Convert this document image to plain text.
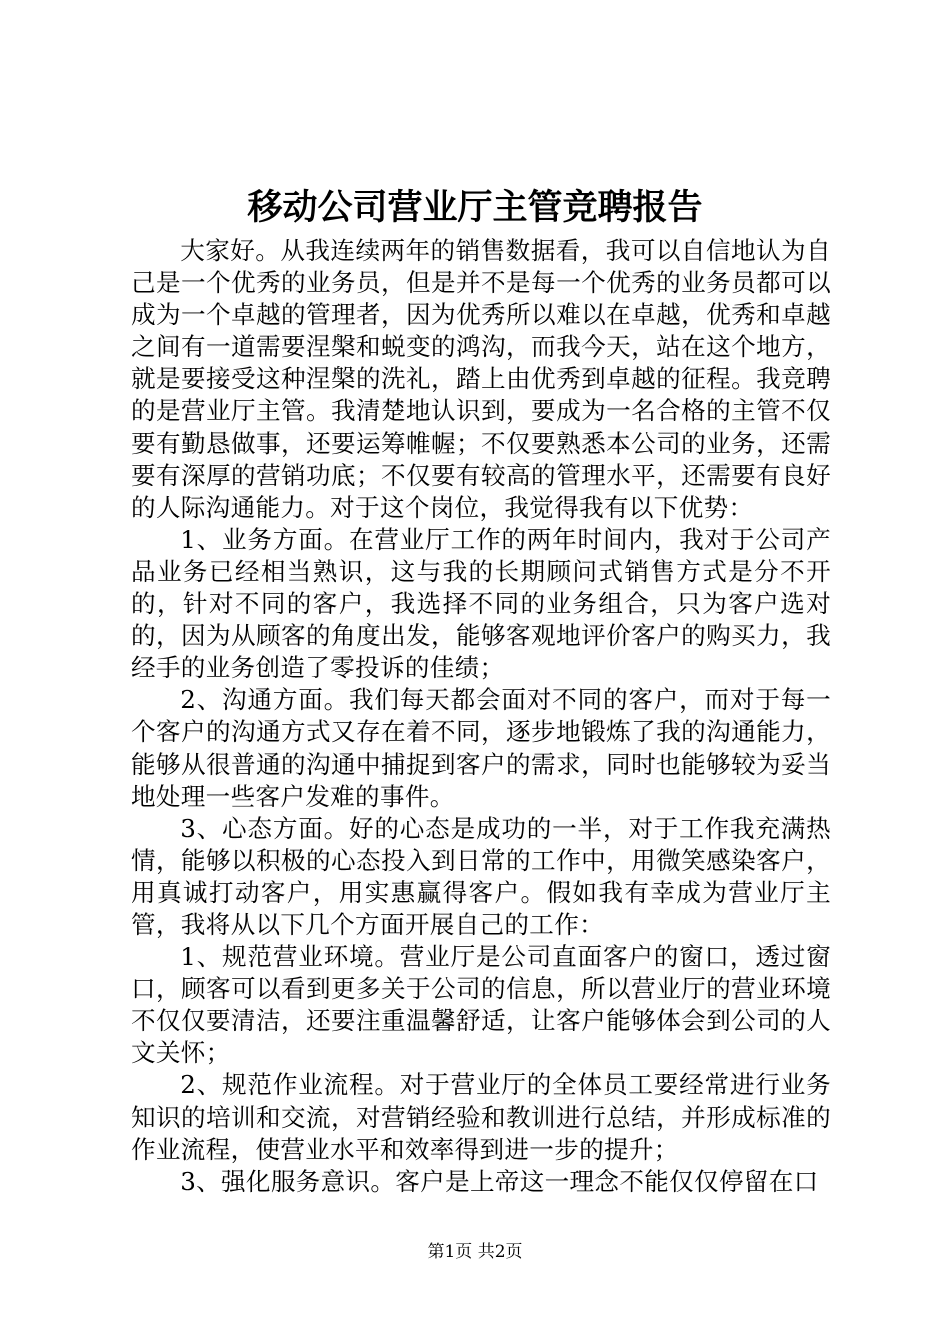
移动公司营业厅主管竞聘报告

大家好。从我连续两年的销售数据看，我可以自信地认为自己是一个优秀的业务员，但是并不是每一个优秀的业务员都可以成为一个卓越的管理者，因为优秀所以难以在卓越，优秀和卓越之间有一道需要涅槃和蜕变的鸿沟，而我今天，站在这个地方，就是要接受这种涅槃的洗礼，踏上由优秀到卓越的征程。我竞聘的是营业厅主管。我清楚地认识到，要成为一名合格的主管不仅要有勤恳做事，还要运筹帷幄；不仅要熟悉本公司的业务，还需要有深厚的营销功底；不仅要有较高的管理水平，还需要有良好的人际沟通能力。对于这个岗位，我觉得我有以下优势：

1、业务方面。在营业厅工作的两年时间内，我对于公司产品业务已经相当熟识，这与我的长期顾问式销售方式是分不开的，针对不同的客户，我选择不同的业务组合，只为客户选对的，因为从顾客的角度出发，能够客观地评价客户的购买力，我经手的业务创造了零投诉的佳绩；

2、沟通方面。我们每天都会面对不同的客户，而对于每一个客户的沟通方式又存在着不同，逐步地锻炼了我的沟通能力，能够从很普通的沟通中捕捉到客户的需求，同时也能够较为妥当地处理一些客户发难的事件。

3、心态方面。好的心态是成功的一半，对于工作我充满热情，能够以积极的心态投入到日常的工作中，用微笑感染客户，用真诚打动客户，用实惠赢得客户。假如我有幸成为营业厅主管，我将从以下几个方面开展自己的工作：

1、规范营业环境。营业厅是公司直面客户的窗口，透过窗口，顾客可以看到更多关于公司的信息，所以营业厅的营业环境不仅仅要清洁，还要注重温馨舒适，让客户能够体会到公司的人文关怀；

2、规范作业流程。对于营业厅的全体员工要经常进行业务知识的培训和交流，对营销经验和教训进行总结，并形成标准的作业流程，使营业水平和效率得到进一步的提升；

3、强化服务意识。客户是上帝这一理念不能仅仅停留在口

第1页 共2页
